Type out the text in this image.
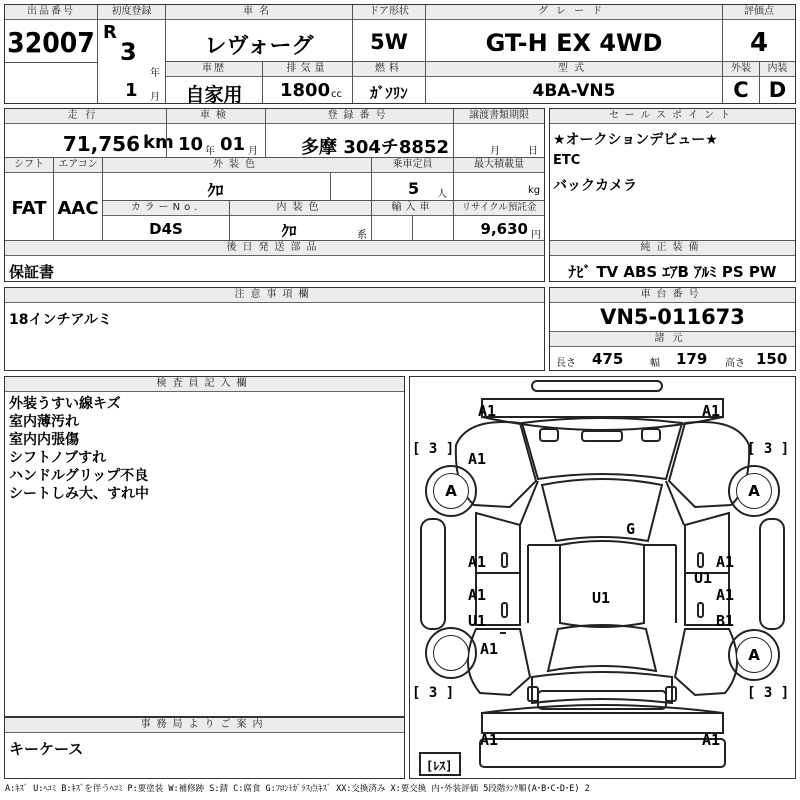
出品番号
32007
初度登録
R
3
年
1 月
車名
レヴォーグ
ドア形状
5W
グレード
GT-H EX 4WD
評価点
4
車歴
自家用
排気量
1800 cc
燃料
ｶﾞｿﾘﾝ
型式
4BA-VN5
外装	内装
C D
走行
71,756 km
車検
10 年 01 月
登録番号
多摩 304チ8852
譲渡書類期限
月	日
シフト
FAT
エアコン
AAC
外装色
ｸﾛ
乗車定員
5 人
最大積載量
kg
カラーNo.
D4S
内装色
ｸﾛ	系
輸入車	リサイクル預託金
9,630 円
後日発送部品
保証書
セールスポイント
★オークションデビュー★
ETC
バックカメラ
純正装備
ﾅﾋﾞ TV ABS ｴｱB ｱﾙﾐ PS PW
注意事項欄
18インチアルミ
車台番号
VN5-011673
諸元
長さ 475	幅 179 高さ 150
検査員記入欄
外装うすい線キズ
室内薄汚れ
室内内張傷
シフトノブすれ
ハンドルグリップ不良
シートしみ大、すれ中
事務局よりご案内
キーケース
A	A
A
[ 3 ]	[ 3 ]
[ 3 ]	[ 3 ]
[ﾚｽ]
A1	A1
A1
G
A1	A1
U1
A1
U1
U1	A1
B1
A1
A1	A1
A:ｷｽﾞ U:ﾍｺﾐ B:ｷｽﾞを伴うﾍｺﾐ P:要塗装 W:補修跡 S:錆 C:腐食 G:ﾌﾛﾝﾄｶﾞﾗｽ点ｷｽﾞ XX:交換済み X:要交換 内･外装評価 5段階ﾗﾝｸ順(A･B･C･D･E) 2
